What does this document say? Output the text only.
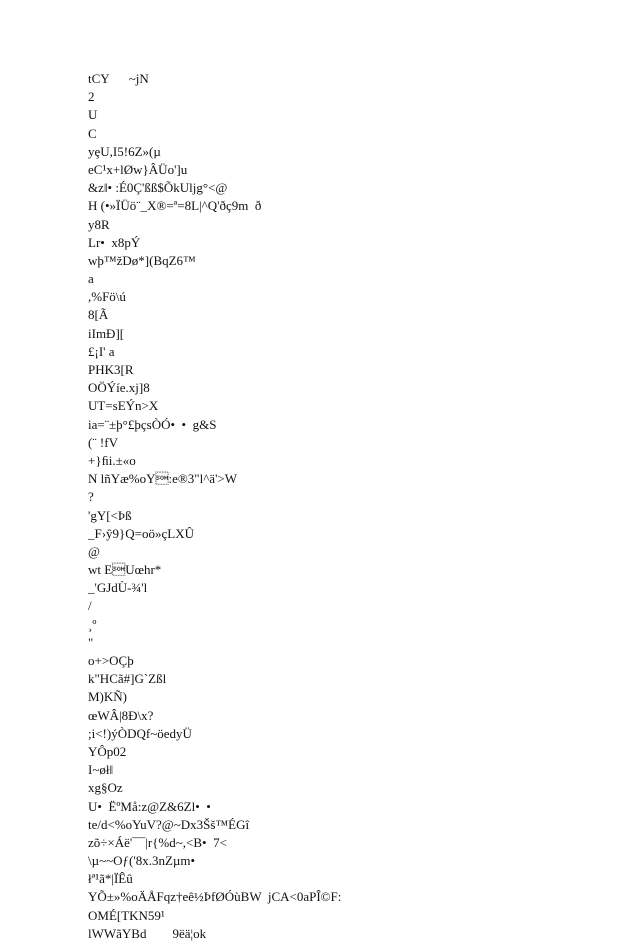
tCY      ~jN
2
U
C
yȩU,I5!6Z»(µ
eC¹x+lØw}ÂÜo']u
&z‖• :É0Ç'ßß$ÕkUljg°<@
H (•»ÏÜö¨_X®=ª=8L|^Q'ðç9m  ð
y8R
Lr•  x8pÝ
wþ™žDø*](BqZ6™
a
,%Fö\ú
8[Ã
iImÐ][
£¡I' a
PHK3[R
OÖÝíe.xj]8
UT=sEÝn>X
ia=¨±þ°£þçsÒÓ•  •  g&S
(¨ !fV
+}ﬁi.±«o
N lñYæ%oY:e®3"l^ä'>W
?
'gY[<Þß
_F›ŷ9}Q=oö»çLXÛ
@
wt EUœhr*
_'GJdÙ-¾'l
/
¸º
"
o+>OÇþ
k"HCã#]G`Zßl
M)KÑ)
œWÂ|8Ð\x?
;i<!)ýÒDQf~öedyÜ
YÔp02
I~øł‖
xg§Oz
U•  ËºMå:z@Z&6Zl•  •
te/d<%oYuV?@~Dx3Šš™ÉGî
zõ÷×Áë'¯¯|r{%d~,<B•  7<
\µ~~Oƒ('8x.3nZµm•
łª¹ã*|ÏÊû
YÕ±»%oÄÅFqz†eê½ÞfØÓùBW  jCA<0aPÎ©F:
OMÉ[TKN59¹
lWWãYBd        9ëä¦ok
